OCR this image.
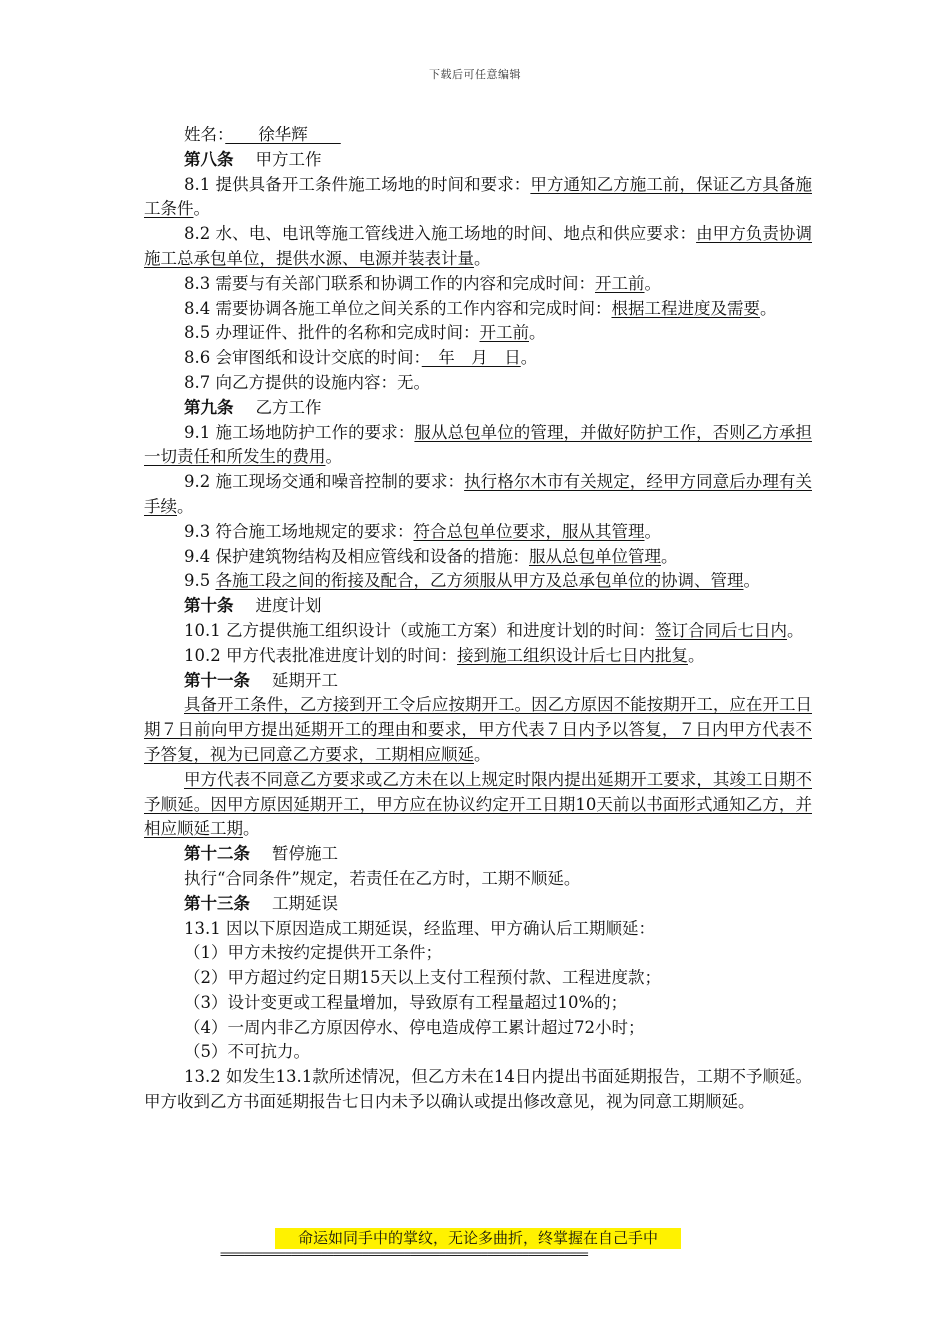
下载后可任意编辑

姓名：　　徐华辉　　

第八条 甲方工作

8.1 提供具备开工条件施工场地的时间和要求：甲方通知乙方施工前，保证乙方具备施工条件。

8.2 水、电、电讯等施工管线进入施工场地的时间、地点和供应要求：由甲方负责协调施工总承包单位，提供水源、电源并装表计量。

8.3 需要与有关部门联系和协调工作的内容和完成时间：开工前。

8.4 需要协调各施工单位之间关系的工作内容和完成时间：根据工程进度及需要。

8.5 办理证件、批件的名称和完成时间：开工前。

8.6 会审图纸和设计交底的时间：　年　月　日。

8.7 向乙方提供的设施内容：无。

第九条 乙方工作

9.1 施工场地防护工作的要求：服从总包单位的管理，并做好防护工作，否则乙方承担一切责任和所发生的费用。

9.2 施工现场交通和噪音控制的要求：执行格尔木市有关规定，经甲方同意后办理有关手续。

9.3 符合施工场地规定的要求：符合总包单位要求，服从其管理。

9.4 保护建筑物结构及相应管线和设备的措施：服从总包单位管理。

9.5 各施工段之间的衔接及配合，乙方须服从甲方及总承包单位的协调、管理。

第十条 进度计划

10.1 乙方提供施工组织设计（或施工方案）和进度计划的时间：签订合同后七日内。

10.2 甲方代表批准进度计划的时间：接到施工组织设计后七日内批复。

第十一条 延期开工

具备开工条件，乙方接到开工令后应按期开工。因乙方原因不能按期开工，应在开工日期７日前向甲方提出延期开工的理由和要求，甲方代表７日内予以答复，７日内甲方代表不予答复，视为已同意乙方要求，工期相应顺延。

甲方代表不同意乙方要求或乙方未在以上规定时限内提出延期开工要求，其竣工日期不予顺延。因甲方原因延期开工，甲方应在协议约定开工日期10天前以书面形式通知乙方，并相应顺延工期。

第十二条 暂停施工

执行“合同条件”规定，若责任在乙方时，工期不顺延。

第十三条 工期延误

13.1 因以下原因造成工期延误，经监理、甲方确认后工期顺延：

（1）甲方未按约定提供开工条件；

（2）甲方超过约定日期15天以上支付工程预付款、工程进度款；

（3）设计变更或工程量增加，导致原有工程量超过10%的；

（4）一周内非乙方原因停水、停电造成停工累计超过72小时；

（5）不可抗力。

13.2 如发生13.1款所述情况，但乙方未在14日内提出书面延期报告，工期不予顺延。甲方收到乙方书面延期报告七日内未予以确认或提出修改意见，视为同意工期顺延。

命运如同手中的掌纹，无论多曲折，终掌握在自己手中
==============================================================
